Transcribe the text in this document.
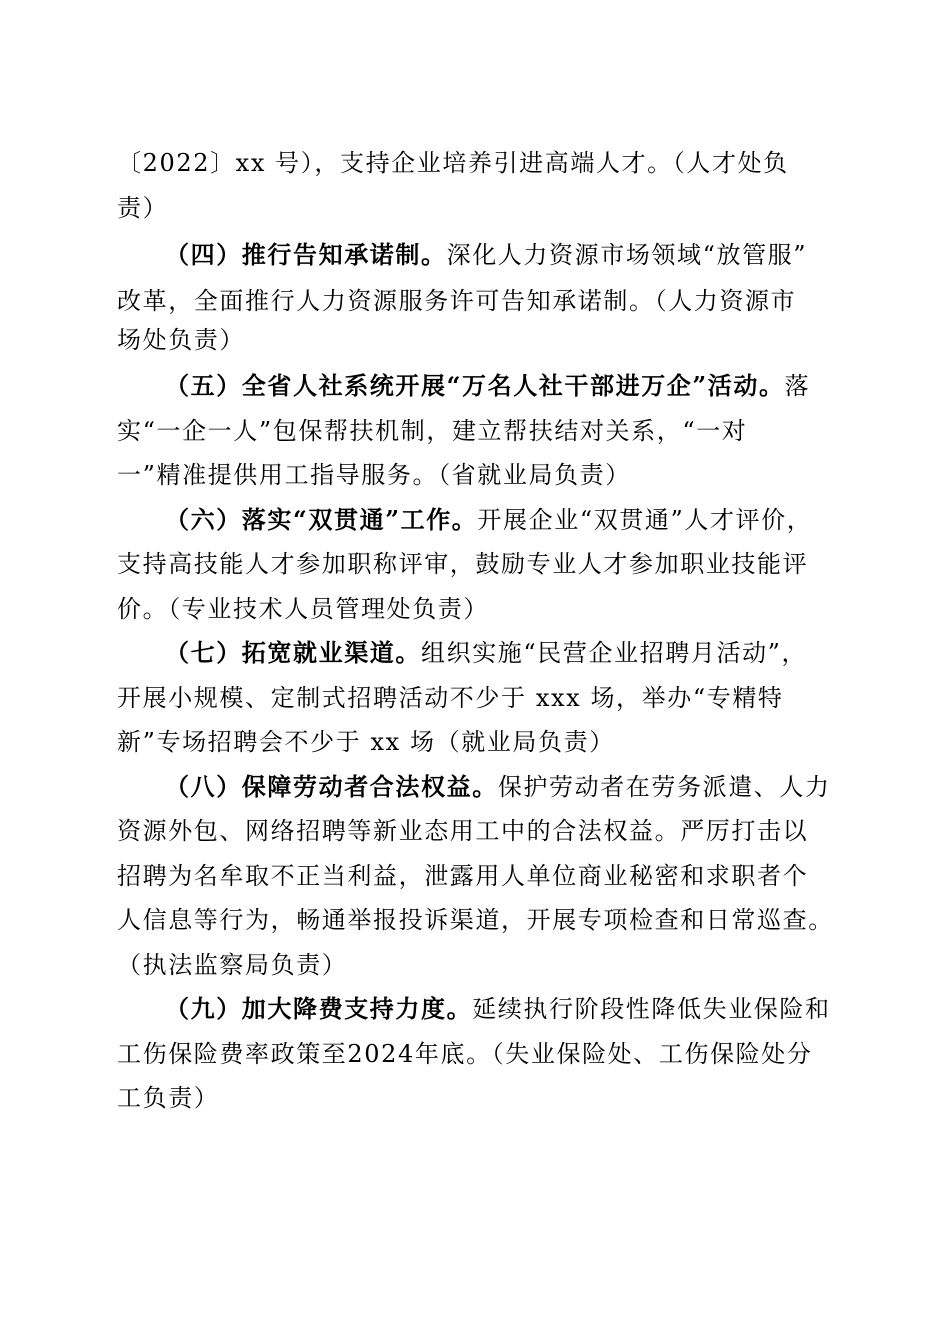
〔2022〕xx 号），支持企业培养引进高端人才。（人才处负
责）
（四）推行告知承诺制。深化人力资源市场领域“放管服”
改革，全面推行人力资源服务许可告知承诺制。（人力资源市
场处负责）
（五）全省人社系统开展“万名人社干部进万企”活动。落
实“一企一人”包保帮扶机制，建立帮扶结对关系，“一对
一”精准提供用工指导服务。（省就业局负责）
（六）落实“双贯通”工作。开展企业“双贯通”人才评价，
支持高技能人才参加职称评审，鼓励专业人才参加职业技能评
价。（专业技术人员管理处负责）
（七）拓宽就业渠道。组织实施“民营企业招聘月活动”，
开展小规模、定制式招聘活动不少于 xxx 场，举办“专精特
新”专场招聘会不少于 xx 场（就业局负责）
（八）保障劳动者合法权益。保护劳动者在劳务派遣、人力
资源外包、网络招聘等新业态用工中的合法权益。严厉打击以
招聘为名牟取不正当利益，泄露用人单位商业秘密和求职者个
人信息等行为，畅通举报投诉渠道，开展专项检查和日常巡查。
（执法监察局负责）
（九）加大降费支持力度。延续执行阶段性降低失业保险和
工伤保险费率政策至2024年底。（失业保险处、工伤保险处分
工负责）
